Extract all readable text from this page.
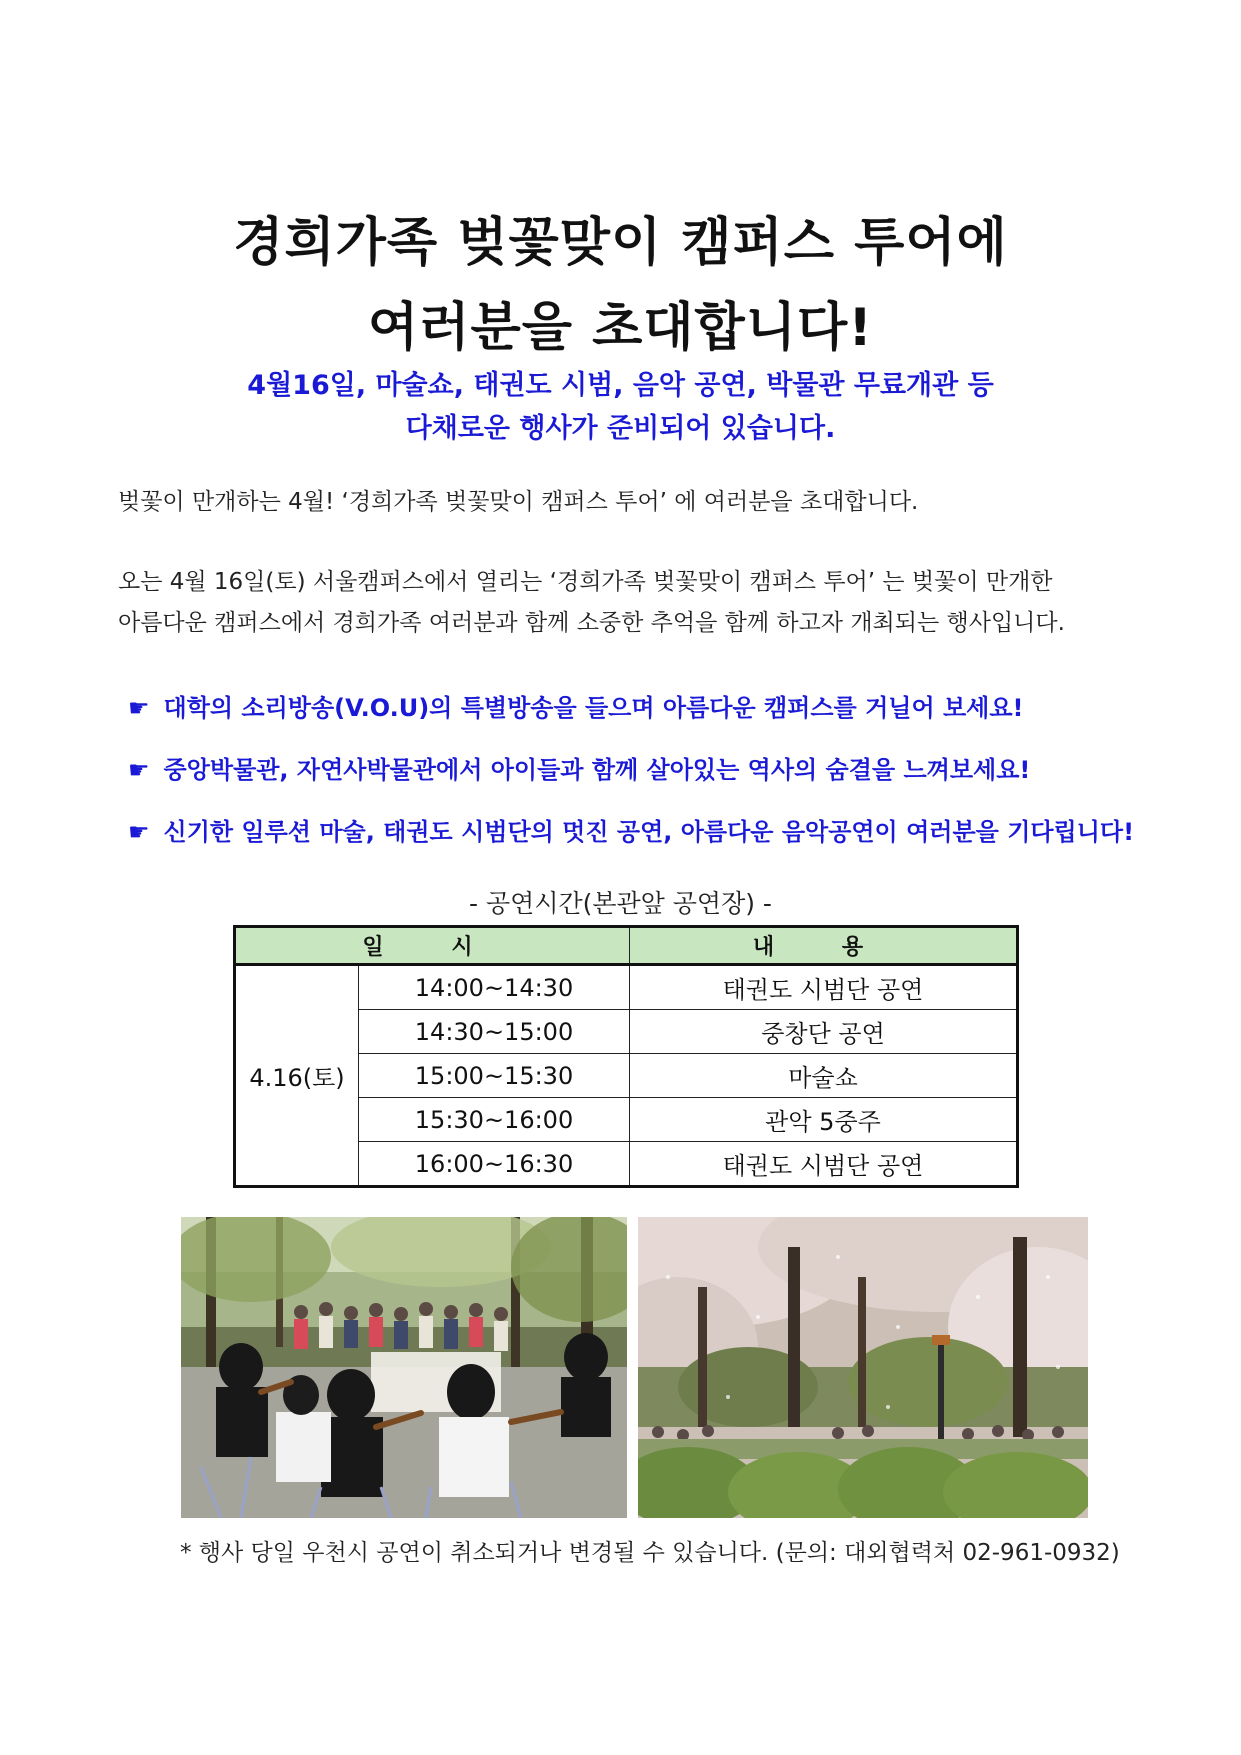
경희가족 벚꽃맞이 캠퍼스 투어에
여러분을 초대합니다!
4월16일, 마술쇼, 태권도 시범, 음악 공연, 박물관 무료개관 등
다채로운 행사가 준비되어 있습니다.
벚꽃이 만개하는 4월! ‘경희가족 벚꽃맞이 캠퍼스 투어’ 에 여러분을 초대합니다.
오는 4월 16일(토) 서울캠퍼스에서 열리는 ‘경희가족 벚꽃맞이 캠퍼스 투어’ 는 벚꽃이 만개한
아름다운 캠퍼스에서 경희가족 여러분과 함께 소중한 추억을 함께 하고자 개최되는 행사입니다.
☛ 대학의 소리방송(V.O.U)의 특별방송을 들으며 아름다운 캠퍼스를 거닐어 보세요!
☛ 중앙박물관, 자연사박물관에서 아이들과 함께 살아있는 역사의 숨결을 느껴보세요!
☛ 신기한 일루션 마술, 태권도 시범단의 멋진 공연, 아름다운 음악공연이 여러분을 기다립니다!
- 공연시간(본관앞 공연장) -
일 시		내 용
4.16(토)	14:00~14:30	태권도 시범단 공연
	14:30~15:00	중창단 공연
	15:00~15:30	마술쇼
	15:30~16:00	관악 5중주
	16:00~16:30	태권도 시범단 공연
* 행사 당일 우천시 공연이 취소되거나 변경될 수 있습니다. (문의: 대외협력처 02-961-0932)
